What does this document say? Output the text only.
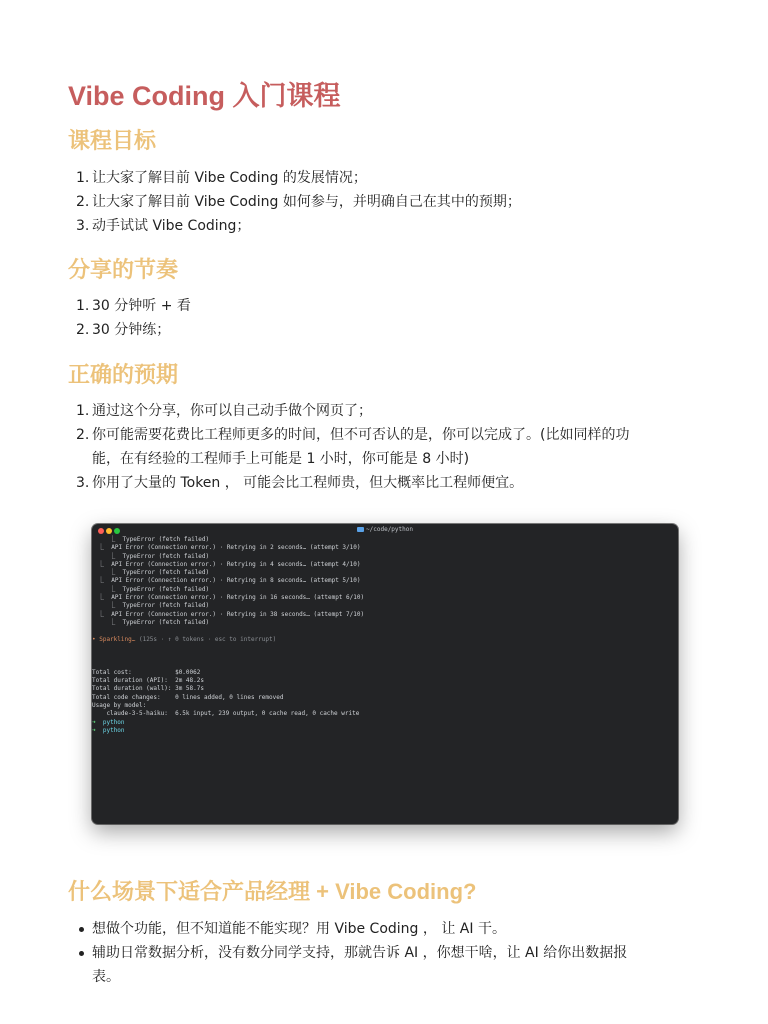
Vibe Coding 入门课程
课程目标
1. 让大家了解目前 Vibe Coding 的发展情况；
2. 让大家了解目前 Vibe Coding 如何参与，并明确自己在其中的预期；
3. 动手试试 Vibe Coding；
分享的节奏
1. 30 分钟听 + 看
2. 30 分钟练；
正确的预期
1. 通过这个分享，你可以自己动手做个网页了；
2. 你可能需要花费比工程师更多的时间，但不可否认的是，你可以完成了。(比如同样的功
能，在有经验的工程师手上可能是 1 小时，你可能是 8 小时)
3. 你用了大量的 Token ， 可能会比工程师贵，但大概率比工程师便宜。
什么场景下适合产品经理 + Vibe Coding?
想做个功能，但不知道能不能实现？用 Vibe Coding ， 让 AI 干。
辅助日常数据分析，没有数分同学支持，那就告诉 AI ，你想干啥，让 AI 给你出数据报
表。
~/code/python
⎿  TypeError (fetch failed)
⎿  API Error (Connection error.) · Retrying in 2 seconds… (attempt 3/10)
⎿  TypeError (fetch failed)
⎿  API Error (Connection error.) · Retrying in 4 seconds… (attempt 4/10)
⎿  TypeError (fetch failed)
⎿  API Error (Connection error.) · Retrying in 8 seconds… (attempt 5/10)
⎿  TypeError (fetch failed)
⎿  API Error (Connection error.) · Retrying in 16 seconds… (attempt 6/10)
⎿  TypeError (fetch failed)
⎿  API Error (Connection error.) · Retrying in 38 seconds… (attempt 7/10)
⎿  TypeError (fetch failed)
• Sparkling… (125s · ↑ 0 tokens · esc to interrupt)
Total cost:            $0.0062
Total duration (API):  2m 48.2s
Total duration (wall): 3m 58.7s
Total code changes:    0 lines added, 0 lines removed
Usage by model:
claude-3-5-haiku:  6.5k input, 239 output, 0 cache read, 0 cache write
➜ python
➜ python
